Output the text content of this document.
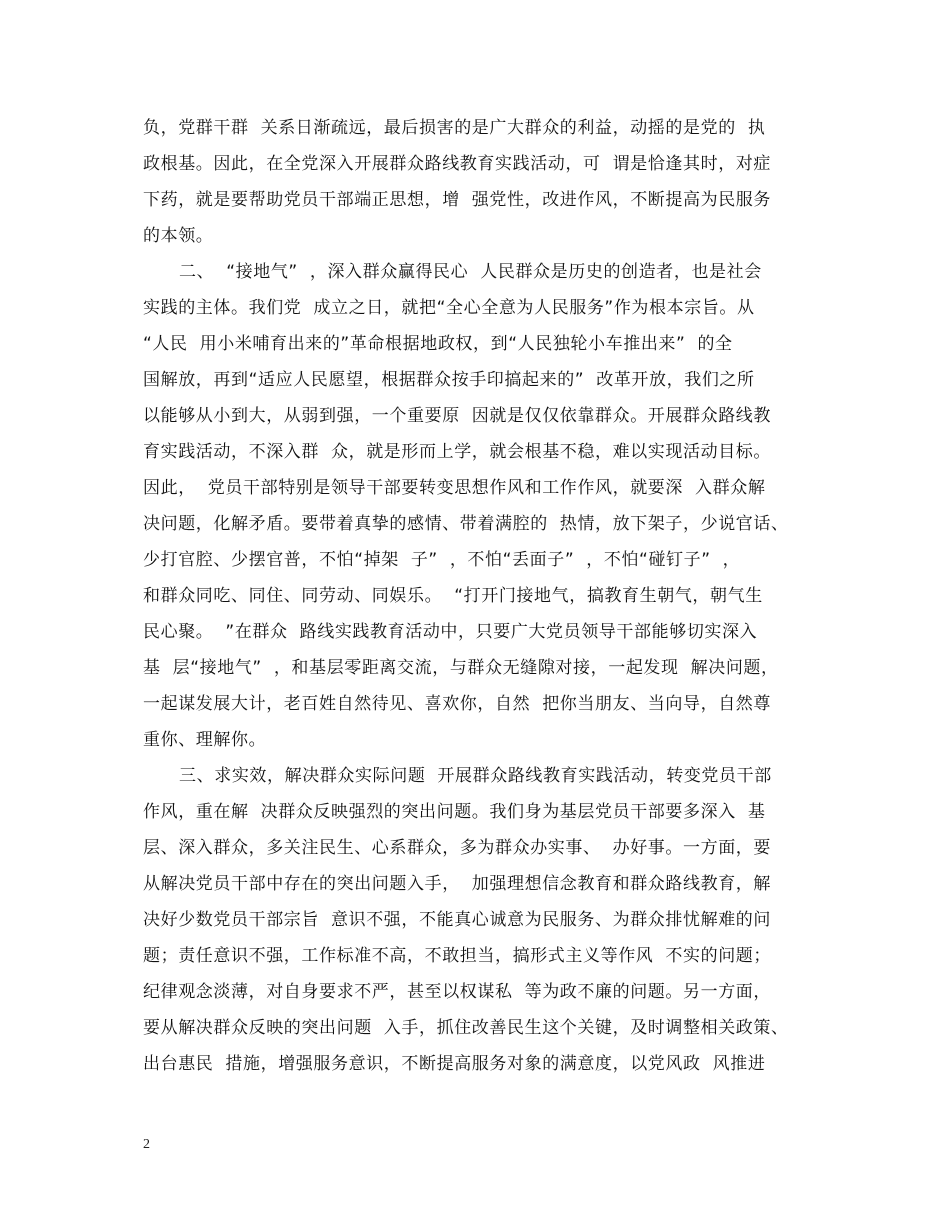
负，党群干群  关系日渐疏远，最后损害的是广大群众的利益，动摇的是党的  执
政根基。因此，在全党深入开展群众路线教育实践活动，可  谓是恰逢其时，对症
下药，就是要帮助党员干部端正思想，增  强党性，改进作风，不断提高为民服务
的本领。
二、  “接地气”  ，深入群众赢得民心  人民群众是历史的创造者，也是社会
实践的主体。我们党  成立之日，就把“全心全意为人民服务”作为根本宗旨。从
“人民  用小米哺育出来的”革命根据地政权，到“人民独轮小车推出来”  的全
国解放，再到“适应人民愿望，根据群众按手印搞起来的”  改革开放，我们之所
以能够从小到大，从弱到强，一个重要原  因就是仅仅依靠群众。开展群众路线教
育实践活动，不深入群  众，就是形而上学，就会根基不稳，难以实现活动目标。
因此，  党员干部特别是领导干部要转变思想作风和工作作风，就要深  入群众解
决问题，化解矛盾。要带着真挚的感情、带着满腔的  热情，放下架子，少说官话、
少打官腔、少摆官普，不怕“掉架  子”  ，不怕“丢面子”  ，不怕“碰钉子”  ，
和群众同吃、同住、同劳动、同娱乐。  “打开门接地气，搞教育生朝气，朝气生
民心聚。  ”在群众  路线实践教育活动中，只要广大党员领导干部能够切实深入
基  层“接地气”  ，和基层零距离交流，与群众无缝隙对接，一起发现  解决问题，
一起谋发展大计，老百姓自然待见、喜欢你，自然  把你当朋友、当向导，自然尊
重你、理解你。
三、求实效，解决群众实际问题  开展群众路线教育实践活动，转变党员干部
作风，重在解  决群众反映强烈的突出问题。我们身为基层党员干部要多深入  基
层、深入群众，多关注民生、心系群众，多为群众办实事、  办好事。一方面，要
从解决党员干部中存在的突出问题入手，  加强理想信念教育和群众路线教育，解
决好少数党员干部宗旨  意识不强，不能真心诚意为民服务、为群众排忧解难的问
题；责任意识不强，工作标准不高，不敢担当，搞形式主义等作风  不实的问题；
纪律观念淡薄，对自身要求不严，甚至以权谋私  等为政不廉的问题。另一方面，
要从解决群众反映的突出问题  入手，抓住改善民生这个关键，及时调整相关政策、
出台惠民  措施，增强服务意识，不断提高服务对象的满意度，以党风政  风推进
2
